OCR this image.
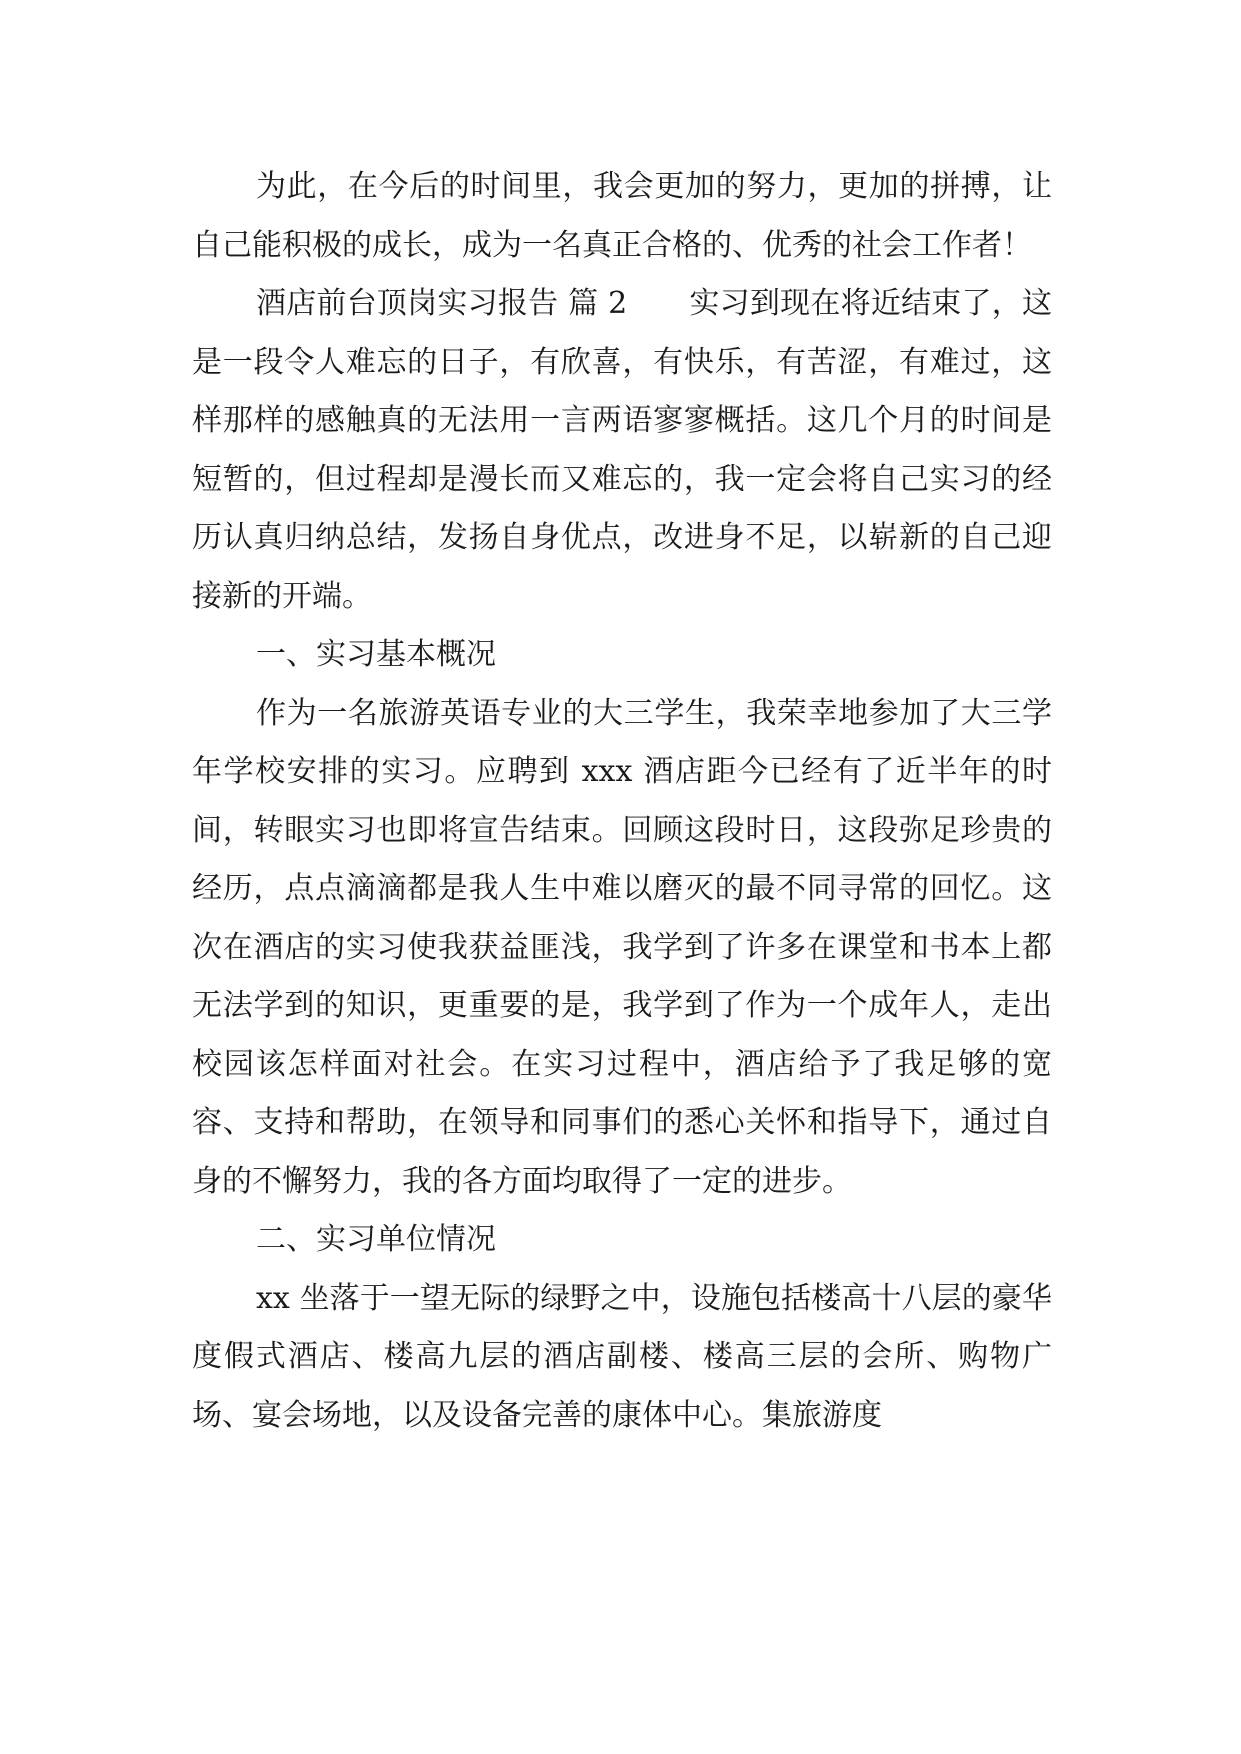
为此，在今后的时间里，我会更加的努力，更加的拼搏，让自己能积极的成长，成为一名真正合格的、优秀的社会工作者！

酒店前台顶岗实习报告 篇 2 实习到现在将近结束了，这是一段令人难忘的日子，有欣喜，有快乐，有苦涩，有难过，这样那样的感触真的无法用一言两语寥寥概括。这几个月的时间是短暂的，但过程却是漫长而又难忘的，我一定会将自己实习的经历认真归纳总结，发扬自身优点，改进身不足，以崭新的自己迎接新的开端。

一、实习基本概况

作为一名旅游英语专业的大三学生，我荣幸地参加了大三学年学校安排的实习。应聘到 xxx 酒店距今已经有了近半年的时间，转眼实习也即将宣告结束。回顾这段时日，这段弥足珍贵的经历，点点滴滴都是我人生中难以磨灭的最不同寻常的回忆。这次在酒店的实习使我获益匪浅，我学到了许多在课堂和书本上都无法学到的知识，更重要的是，我学到了作为一个成年人，走出校园该怎样面对社会。在实习过程中，酒店给予了我足够的宽容、支持和帮助，在领导和同事们的悉心关怀和指导下，通过自身的不懈努力，我的各方面均取得了一定的进步。

二、实习单位情况

xx 坐落于一望无际的绿野之中，设施包括楼高十八层的豪华度假式酒店、楼高九层的酒店副楼、楼高三层的会所、购物广场、宴会场地，以及设备完善的康体中心。集旅游度
